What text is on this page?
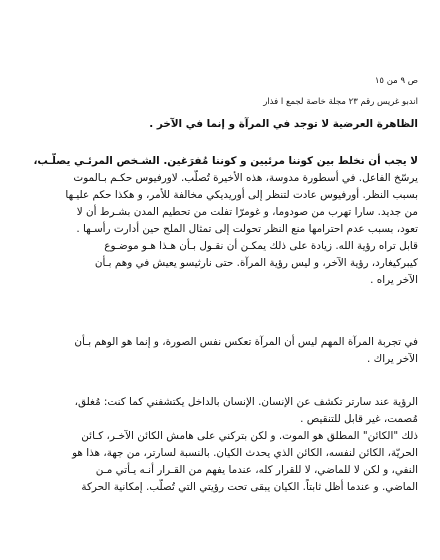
ص ٩ من ١٥
اندبو غريس رقم ٢٣ مجلة خاصة لجمع ا فذار
الظاهرة العرضية لا توجد في المرآة و إنما في الآخر .
لا يجب أن نخلط بين كوننا مرئيين و كوننا مُفرَغين. الشـخص المرئـي يصلّـب،
يرسّخ الفاعل. في أسطورة مدوسة، هذه الأخيرة تُصلّب. لاورفيوس حكـم بـالموت
بسبب النظر. أورفيوس عادت لتنظر إلى أوريديكي مخالفة للأمر، و هكذا حكم عليـها
من جديد. سارا تهرب من صودوما، و غومرّا تفلت من تحطيم المدن بشـرط أن لا
تعود، بسبب عدم احترامها منع النظر تحولت إلى تمثال الملح حين أدارت رأسـها .
قابل تراه رؤية الله. زيادة على ذلك يمكـن أن نقـول بـأن هـذا هـو موضـوع
كيبركيغارد، رؤية الآخر، و ليس رؤية المرآة. حتى نارثيسو يعيش في وهم بـأن
الآخر يراه .
في تجربة المرآة المهم ليس أن المرآة تعكس نفس الصورة، و إنما هو الوهم بـأن
الآخر يراك .
الرؤية عند سارتر تكشف عن الإنسان. الإنسان بالداخل يكتشفني كما كنت: مُغلق،
مُصمت، غير قابل للتنقيص .
ذلك "الكائن" المطلق هو الموت. و لكن بتركني على هامش الكائن الآخـر، كـائن
الحريّة، الكائن لنفسه، الكائن الذي يحدث الكيان. بالنسبة لسارتر، من جهة، هذا هو
النفي، و لكن لا للماضي، لا للقرار كله، عندما يفهم من القـرار أنـه يـأتي مـن
الماضي. و عندما أظل ثابتاً. الكيان يبقى تحت رؤيتي التي تُصلّب. إمكانية الحركة
